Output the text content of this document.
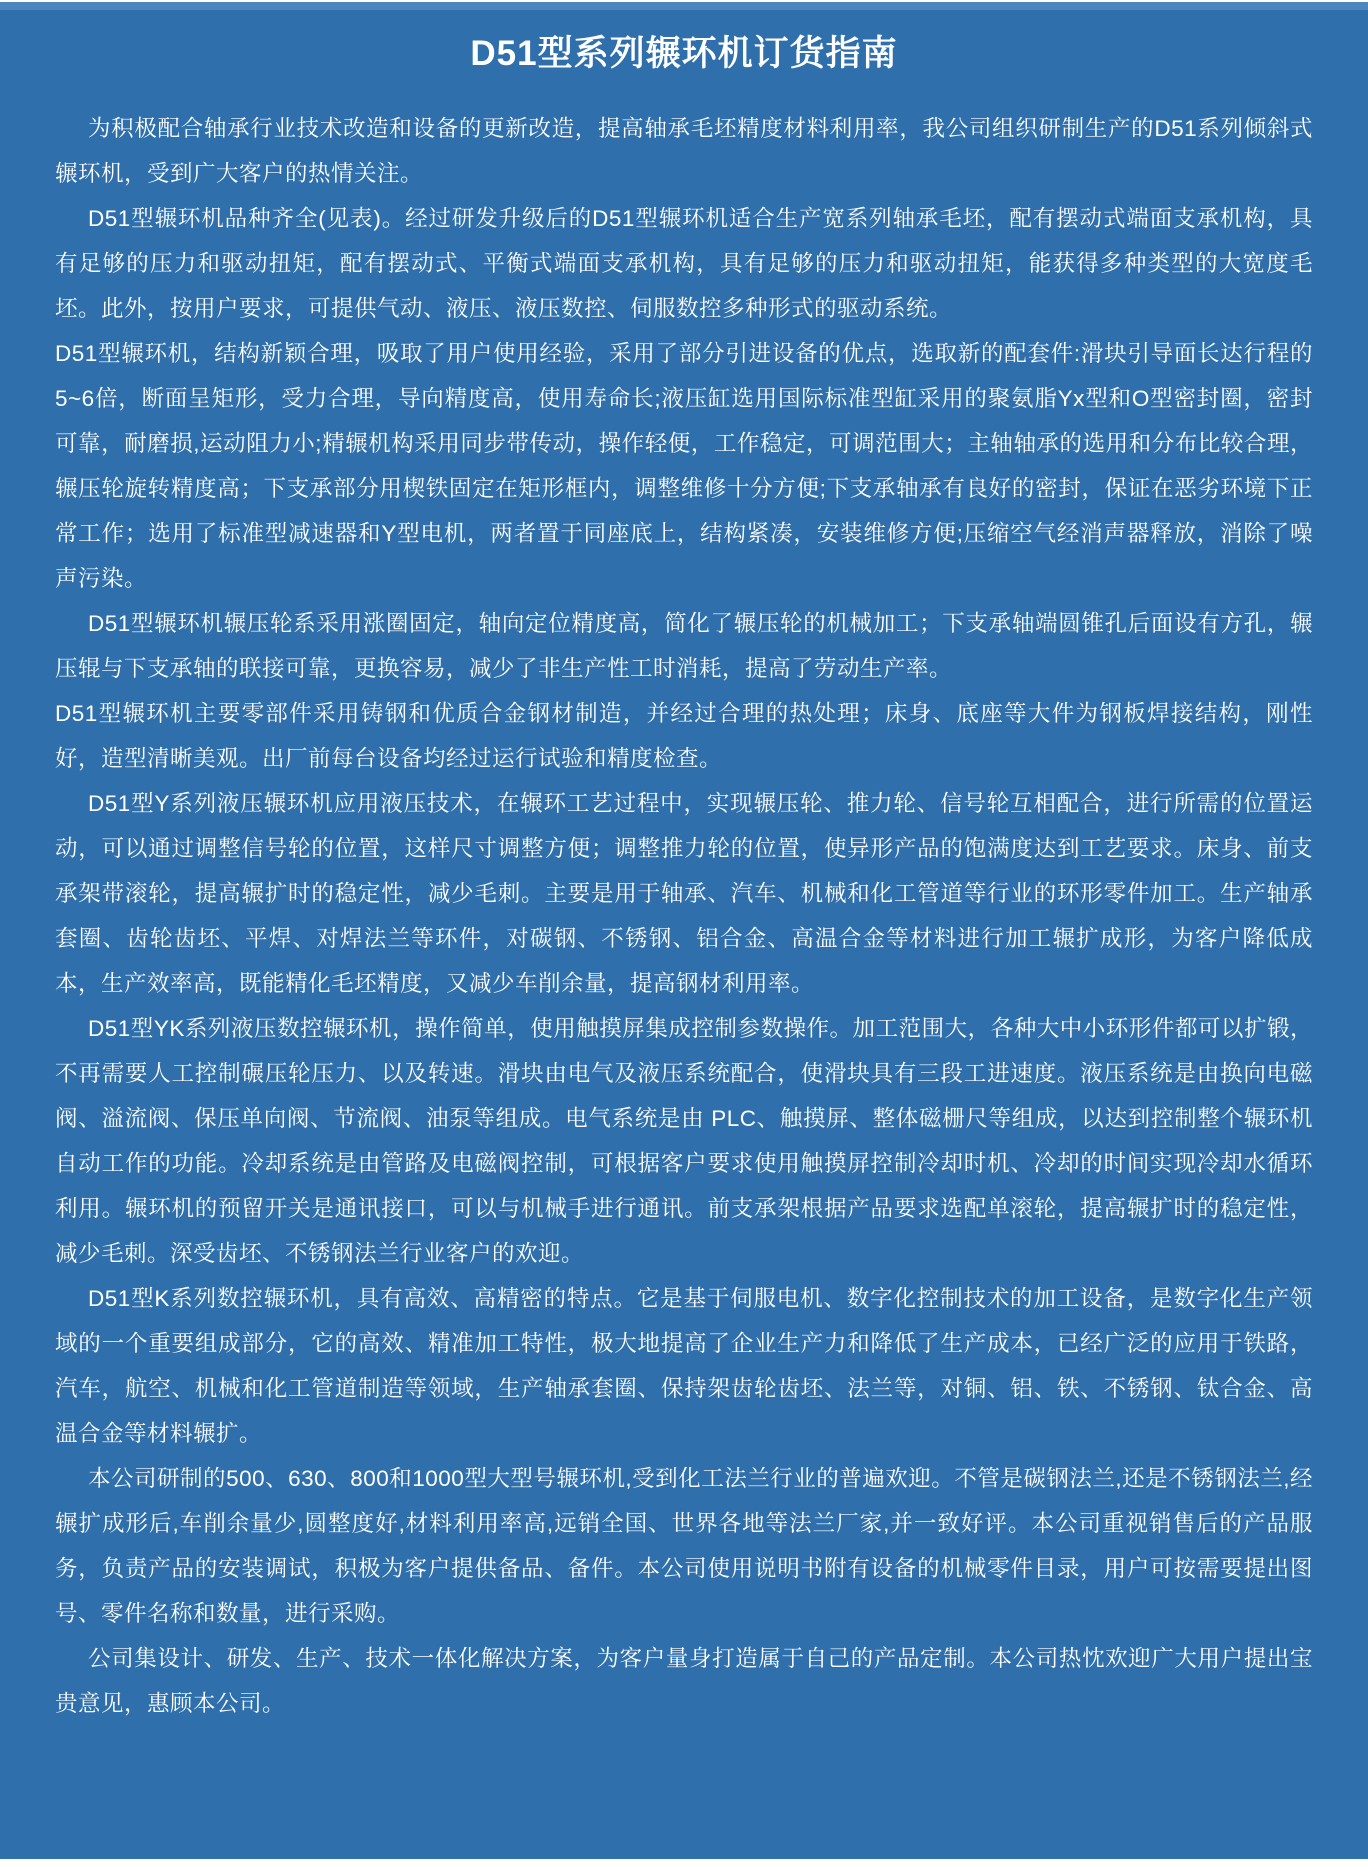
D51型系列辗环机订货指南

为积极配合轴承行业技术改造和设备的更新改造，提高轴承毛坯精度材料利用率，我公司组织研制生产的D51系列倾斜式辗环机，受到广大客户的热情关注。

D51型辗环机品种齐全(见表)。经过研发升级后的D51型辗环机适合生产宽系列轴承毛坯，配有摆动式端面支承机构，具有足够的压力和驱动扭矩，配有摆动式、平衡式端面支承机构，具有足够的压力和驱动扭矩，能获得多种类型的大宽度毛坯。此外，按用户要求，可提供气动、液压、液压数控、伺服数控多种形式的驱动系统。

D51型辗环机，结构新颖合理，吸取了用户使用经验，采用了部分引进设备的优点，选取新的配套件:滑块引导面长达行程的5~6倍，断面呈矩形，受力合理，导向精度高，使用寿命长;液压缸选用国际标准型缸采用的聚氨脂Yx型和O型密封圈，密封可靠，耐磨损,运动阻力小;精辗机构采用同步带传动，操作轻便，工作稳定，可调范围大；主轴轴承的选用和分布比较合理，辗压轮旋转精度高；下支承部分用楔铁固定在矩形框内，调整维修十分方便;下支承轴承有良好的密封，保证在恶劣环境下正常工作；选用了标准型减速器和Y型电机，两者置于同座底上，结构紧凑，安装维修方便;压缩空气经消声器释放，消除了噪声污染。

D51型辗环机辗压轮系采用涨圈固定，轴向定位精度高，简化了辗压轮的机械加工；下支承轴端圆锥孔后面设有方孔，辗压辊与下支承轴的联接可靠，更换容易，减少了非生产性工时消耗，提高了劳动生产率。

D51型辗环机主要零部件采用铸钢和优质合金钢材制造，并经过合理的热处理；床身、底座等大件为钢板焊接结构，刚性好，造型清晰美观。出厂前每台设备均经过运行试验和精度检查。

D51型Y系列液压辗环机应用液压技术，在辗环工艺过程中，实现辗压轮、推力轮、信号轮互相配合，进行所需的位置运动，可以通过调整信号轮的位置，这样尺寸调整方便；调整推力轮的位置，使异形产品的饱满度达到工艺要求。床身、前支承架带滚轮，提高辗扩时的稳定性，减少毛刺。主要是用于轴承、汽车、机械和化工管道等行业的环形零件加工。生产轴承套圈、齿轮齿坯、平焊、对焊法兰等环件，对碳钢、不锈钢、铝合金、高温合金等材料进行加工辗扩成形，为客户降低成本，生产效率高，既能精化毛坯精度，又减少车削余量，提高钢材利用率。

D51型YK系列液压数控辗环机，操作简单，使用触摸屏集成控制参数操作。加工范围大，各种大中小环形件都可以扩锻，不再需要人工控制碾压轮压力、以及转速。滑块由电气及液压系统配合，使滑块具有三段工进速度。液压系统是由换向电磁阀、溢流阀、保压单向阀、节流阀、油泵等组成。电气系统是由 PLC、触摸屏、整体磁栅尺等组成，以达到控制整个辗环机自动工作的功能。冷却系统是由管路及电磁阀控制，可根据客户要求使用触摸屏控制冷却时机、冷却的时间实现冷却水循环利用。辗环机的预留开关是通讯接口，可以与机械手进行通讯。前支承架根据产品要求选配单滚轮，提高辗扩时的稳定性，减少毛刺。深受齿坯、不锈钢法兰行业客户的欢迎。

D51型K系列数控辗环机，具有高效、高精密的特点。它是基于伺服电机、数字化控制技术的加工设备，是数字化生产领域的一个重要组成部分，它的高效、精准加工特性，极大地提高了企业生产力和降低了生产成本，已经广泛的应用于铁路，汽车，航空、机械和化工管道制造等领域，生产轴承套圈、保持架齿轮齿坯、法兰等，对铜、铝、铁、不锈钢、钛合金、高温合金等材料辗扩。

本公司研制的500、630、800和1000型大型号辗环机,受到化工法兰行业的普遍欢迎。不管是碳钢法兰,还是不锈钢法兰,经辗扩成形后,车削余量少,圆整度好,材料利用率高,远销全国、世界各地等法兰厂家,并一致好评。本公司重视销售后的产品服务，负责产品的安装调试，积极为客户提供备品、备件。本公司使用说明书附有设备的机械零件目录，用户可按需要提出图号、零件名称和数量，进行采购。

公司集设计、研发、生产、技术一体化解决方案，为客户量身打造属于自己的产品定制。本公司热忱欢迎广大用户提出宝贵意见，惠顾本公司。
